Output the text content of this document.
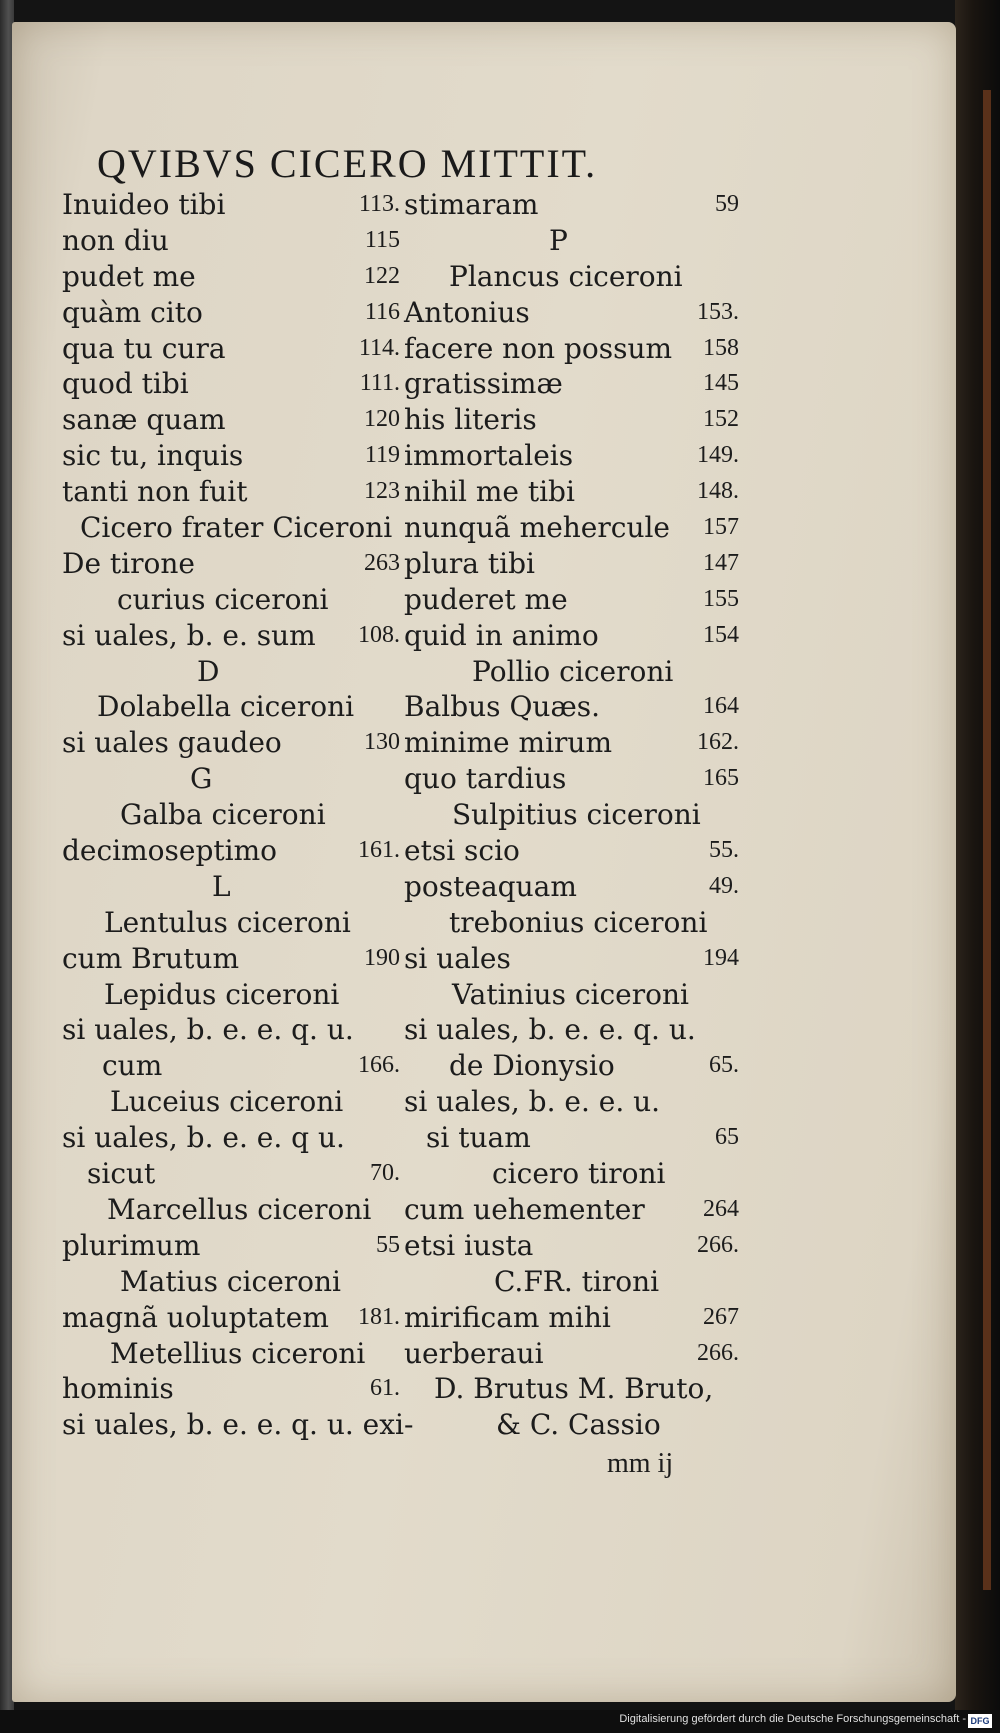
QVIBVS CICERO MITTIT.
Inuideo tibi	113.
non diu	115
pudet me	122
quàm cito	116
qua tu cura	114.
quod tibi	111.
sanæ quam	120
sic tu, inquis	119
tanti non fuit	123
Cicero frater Ciceroni
De tirone	263
curius ciceroni
si uales, b. e. sum 108.
D
Dolabella ciceroni
si uales gaudeo	130
G
Galba ciceroni
decimoseptimo	161.
L
Lentulus ciceroni
cum Brutum	190
Lepidus ciceroni
si uales, b. e. e. q. u.
cum	166.
Luceius ciceroni
si uales, b. e. e. q u.
sicut	70.
Marcellus ciceroni
plurimum	55
Matius ciceroni
magnã uoluptatem 181.
Metellius ciceroni
hominis	61.
si uales, b. e. e. q. u. exi-
stimaram	59
P
Plancus ciceroni
Antonius	153.
facere non possum 158
gratissimæ	145
his literis	152
immortaleis	149.
nihil me tibi	148.
nunquã mehercule 157
plura tibi	147
puderet me	155
quid in animo	154
Pollio ciceroni
Balbus Quæs.	164
minime mirum	162.
quo tardius	165
Sulpitius ciceroni
etsi scio	55.
posteaquam	49.
trebonius ciceroni
si uales	194
Vatinius ciceroni
si uales, b. e. e. q. u.
de Dionysio	65.
si uales, b. e. e. u.
si tuam	65
cicero tironi
cum uehementer 264
etsi iusta	266.
C.FR. tironi
mirificam mihi	267
uerberaui	266.
D. Brutus M. Bruto,
& C. Cassio
mm ij
Digitalisierung gefördert durch die Deutsche Forschungsgemeinschaft - DFG
